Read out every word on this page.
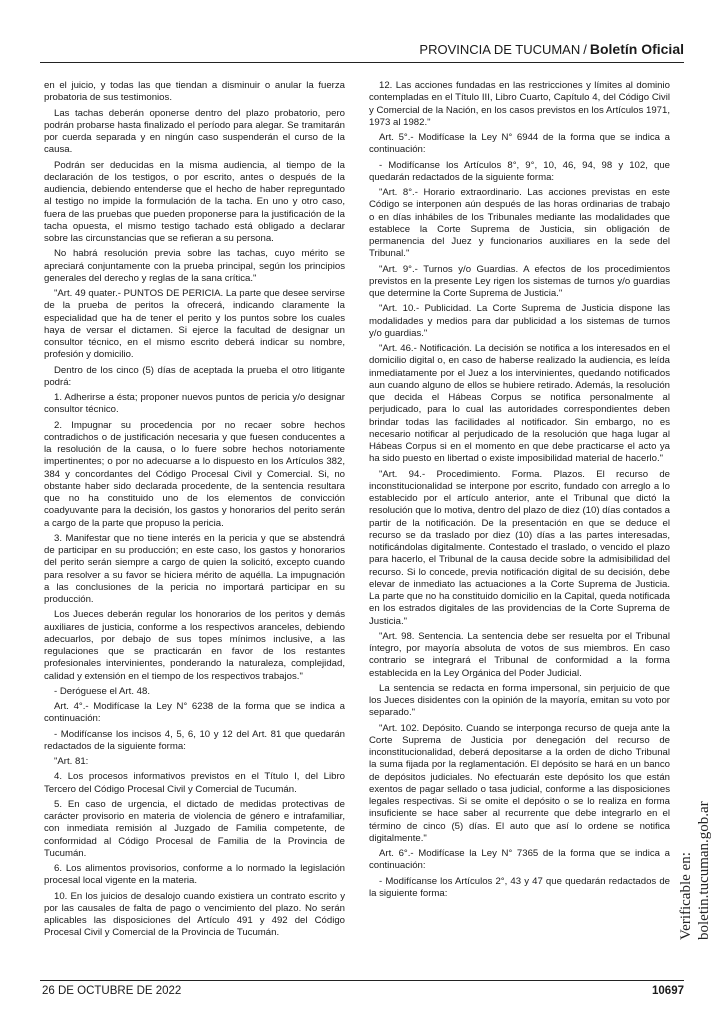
PROVINCIA DE TUCUMAN / Boletín Oficial

en el juicio, y todas las que tiendan a disminuir o anular la fuerza probatoria de sus testimonios.

Las tachas deberán oponerse dentro del plazo probatorio, pero podrán probarse hasta finalizado el período para alegar. Se tramitarán por cuerda separada y en ningún caso suspenderán el curso de la causa.

Podrán ser deducidas en la misma audiencia, al tiempo de la declaración de los testigos, o por escrito, antes o después de la audiencia, debiendo entenderse que el hecho de haber repreguntado al testigo no impide la formulación de la tacha. En uno y otro caso, fuera de las pruebas que pueden proponerse para la justificación de la tacha opuesta, el mismo testigo tachado está obligado a declarar sobre las circunstancias que se refieran a su persona.

No habrá resolución previa sobre las tachas, cuyo mérito se apreciará conjuntamente con la prueba principal, según los principios generales del derecho y reglas de la sana crítica."

"Art. 49 quater.- PUNTOS DE PERICIA. La parte que desee servirse de la prueba de peritos la ofrecerá, indicando claramente la especialidad que ha de tener el perito y los puntos sobre los cuales haya de versar el dictamen. Si ejerce la facultad de designar un consultor técnico, en el mismo escrito deberá indicar su nombre, profesión y domicilio.

Dentro de los cinco (5) días de aceptada la prueba el otro litigante podrá:

1. Adherirse a ésta; proponer nuevos puntos de pericia y/o designar consultor técnico.

2. Impugnar su procedencia por no recaer sobre hechos contradichos o de justificación necesaria y que fuesen conducentes a la resolución de la causa, o lo fuere sobre hechos notoriamente impertinentes; o por no adecuarse a lo dispuesto en los Artículos 382, 384 y concordantes del Código Procesal Civil y Comercial. Si, no obstante haber sido declarada procedente, de la sentencia resultara que no ha constituido uno de los elementos de convicción coadyuvante para la decisión, los gastos y honorarios del perito serán a cargo de la parte que propuso la pericia.

3. Manifestar que no tiene interés en la pericia y que se abstendrá de participar en su producción; en este caso, los gastos y honorarios del perito serán siempre a cargo de quien la solicitó, excepto cuando para resolver a su favor se hiciera mérito de aquélla. La impugnación a las conclusiones de la pericia no importará participar en su producción.

Los Jueces deberán regular los honorarios de los peritos y demás auxiliares de justicia, conforme a los respectivos aranceles, debiendo adecuarlos, por debajo de sus topes mínimos inclusive, a las regulaciones que se practicarán en favor de los restantes profesionales intervinientes, ponderando la naturaleza, complejidad, calidad y extensión en el tiempo de los respectivos trabajos."

- Deróguese el Art. 48.

Art. 4°.- Modifícase la Ley N° 6238 de la forma que se indica a continuación:

- Modifícanse los incisos 4, 5, 6, 10 y 12 del Art. 81 que quedarán redactados de la siguiente forma:

"Art. 81:

4. Los procesos informativos previstos en el Título I, del Libro Tercero del Código Procesal Civil y Comercial de Tucumán.

5. En caso de urgencia, el dictado de medidas protectivas de carácter provisorio en materia de violencia de género e intrafamiliar, con inmediata remisión al Juzgado de Familia competente, de conformidad al Código Procesal de Familia de la Provincia de Tucumán.

6. Los alimentos provisorios, conforme a lo normado la legislación procesal local vigente en la materia.

10. En los juicios de desalojo cuando existiera un contrato escrito y por las causales de falta de pago o vencimiento del plazo. No serán aplicables las disposiciones del Artículo 491 y 492 del Código Procesal Civil y Comercial de la Provincia de Tucumán.

12. Las acciones fundadas en las restricciones y límites al dominio contempladas en el Título III, Libro Cuarto, Capítulo 4, del Código Civil y Comercial de la Nación, en los casos previstos en los Artículos 1971, 1973 al 1982."

Art. 5°.- Modifícase la Ley N° 6944 de la forma que se indica a continuación:

- Modifícanse los Artículos 8°, 9°, 10, 46, 94, 98 y 102, que quedarán redactados de la siguiente forma:

"Art. 8°.- Horario extraordinario. Las acciones previstas en este Código se interponen aún después de las horas ordinarias de trabajo o en días inhábiles de los Tribunales mediante las modalidades que establece la Corte Suprema de Justicia, sin obligación de permanencia del Juez y funcionarios auxiliares en la sede del Tribunal."

"Art. 9°.- Turnos y/o Guardias. A efectos de los procedimientos previstos en la presente Ley rigen los sistemas de turnos y/o guardias que determine la Corte Suprema de Justicia."

"Art. 10.- Publicidad. La Corte Suprema de Justicia dispone las modalidades y medios para dar publicidad a los sistemas de turnos y/o guardias."

"Art. 46.- Notificación. La decisión se notifica a los interesados en el domicilio digital o, en caso de haberse realizado la audiencia, es leída inmediatamente por el Juez a los intervinientes, quedando notificados aun cuando alguno de ellos se hubiere retirado. Además, la resolución que decida el Hábeas Corpus se notifica personalmente al perjudicado, para lo cual las autoridades correspondientes deben brindar todas las facilidades al notificador. Sin embargo, no es necesario notificar al perjudicado de la resolución que haga lugar al Hábeas Corpus si en el momento en que debe practicarse el acto ya ha sido puesto en libertad o existe imposibilidad material de hacerlo."

"Art. 94.- Procedimiento. Forma. Plazos. El recurso de inconstitucionalidad se interpone por escrito, fundado con arreglo a lo establecido por el artículo anterior, ante el Tribunal que dictó la resolución que lo motiva, dentro del plazo de diez (10) días contados a partir de la notificación. De la presentación en que se deduce el recurso se da traslado por diez (10) días a las partes interesadas, notificándolas digitalmente. Contestado el traslado, o vencido el plazo para hacerlo, el Tribunal de la causa decide sobre la admisibilidad del recurso. Si lo concede, previa notificación digital de su decisión, debe elevar de inmediato las actuaciones a la Corte Suprema de Justicia. La parte que no ha constituido domicilio en la Capital, queda notificada en los estrados digitales de las providencias de la Corte Suprema de Justicia."

"Art. 98. Sentencia. La sentencia debe ser resuelta por el Tribunal íntegro, por mayoría absoluta de votos de sus miembros. En caso contrario se integrará el Tribunal de conformidad a la forma establecida en la Ley Orgánica del Poder Judicial.

La sentencia se redacta en forma impersonal, sin perjuicio de que los Jueces disidentes con la opinión de la mayoría, emitan su voto por separado."

"Art. 102. Depósito. Cuando se interponga recurso de queja ante la Corte Suprema de Justicia por denegación del recurso de inconstitucionalidad, deberá depositarse a la orden de dicho Tribunal la suma fijada por la reglamentación. El depósito se hará en un banco de depósitos judiciales. No efectuarán este depósito los que están exentos de pagar sellado o tasa judicial, conforme a las disposiciones legales respectivas. Si se omite el depósito o se lo realiza en forma insuficiente se hace saber al recurrente que debe integrarlo en el término de cinco (5) días. El auto que así lo ordene se notifica digitalmente."

Art. 6°.- Modifícase la Ley N° 7365 de la forma que se indica a continuación:

- Modifícanse los Artículos 2°, 43 y 47 que quedarán redactados de la siguiente forma:	Verificable en: boletin.tucuman.gob.ar
26 DE OCTUBRE DE 2022	10697
